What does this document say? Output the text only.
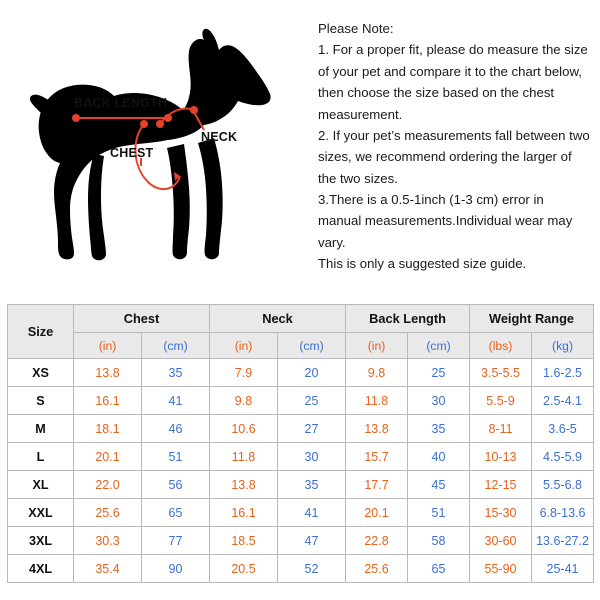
BACK LENGTH
NECK
CHEST

Please Note:

1. For a proper fit, please do measure the size of your pet and compare it to the chart below, then choose the size based on the chest measurement.

2. If your pet’s measurements fall between two sizes, we recommend ordering the larger of the two sizes.

3.There is a 0.5-1inch (1-3 cm) error in manual measurements.Individual wear may vary.

This is only a suggested size guide.

Size	Chest		Neck		Back Length		Weight Range	
	(in)	(cm)	(in)	(cm)	(in)	(cm)	(lbs)	(kg)
XS	13.8	35	7.9	20	9.8	25	3.5-5.5	1.6-2.5
S	16.1	41	9.8	25	11.8	30	5.5-9	2.5-4.1
M	18.1	46	10.6	27	13.8	35	8-11	3.6-5
L	20.1	51	11.8	30	15.7	40	10-13	4.5-5.9
XL	22.0	56	13.8	35	17.7	45	12-15	5.5-6.8
XXL	25.6	65	16.1	41	20.1	51	15-30	6.8-13.6
3XL	30.3	77	18.5	47	22.8	58	30-60	13.6-27.2
4XL	35.4	90	20.5	52	25.6	65	55-90	25-41
